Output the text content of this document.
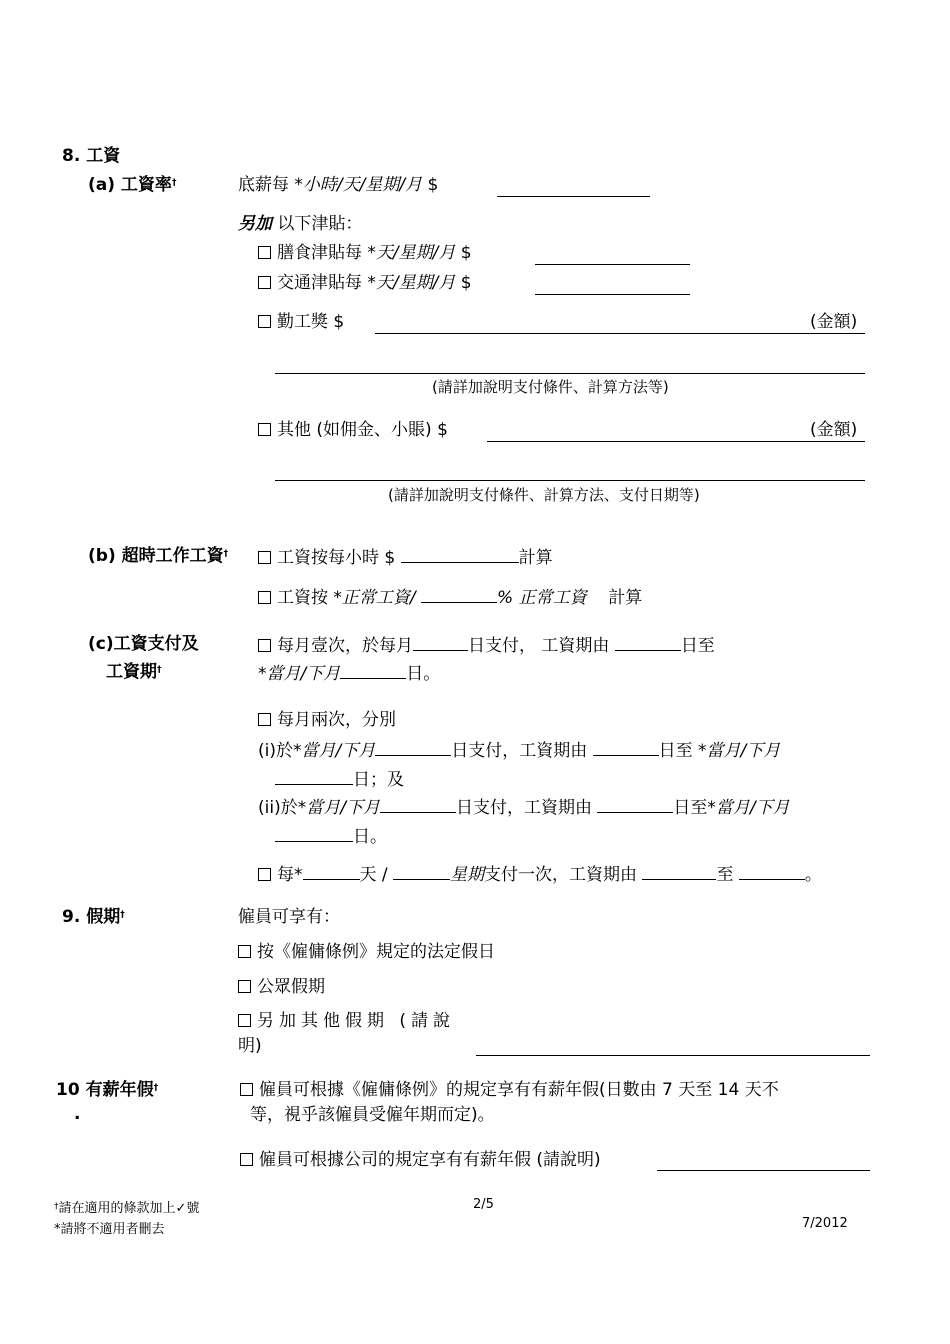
8. 工資
(a) 工資率†	底薪每 *小時/天/星期/月 $
另加 以下津貼：
膳食津貼每 *天/星期/月 $
交通津貼每 *天/星期/月 $
勤工獎 $	(金額)
(請詳加說明支付條件、計算方法等)
其他 (如佣金、小賬) $	(金額)
(請詳加說明支付條件、計算方法、支付日期等)
(b) 超時工作工資†	工資按每小時 $	計算
工資按 *正常工資/	% 正常工資 計算
(c)工資支付及
工資期†
每月壹次，於每月	日支付， 工資期由	日至
*當月/下月	日。
每月兩次，分別
(i)於*當月/下月	日支付，工資期由	日至 *當月/下月
日；及
(ii)於*當月/下月	日支付，工資期由	日至*當月/下月
日。
每*	天 /	星期支付一次，工資期由	至	。
9. 假期†	僱員可享有：
按《僱傭條例》規定的法定假日
公眾假期
另加其他假期 (請說
明)
10 有薪年假†
.
僱員可根據《僱傭條例》的規定享有有薪年假(日數由 7 天至 14 天不
等，視乎該僱員受僱年期而定)。
僱員可根據公司的規定享有有薪年假 (請說明)
†請在適用的條款加上✓號
*請將不適用者刪去
2/5
7/2012
